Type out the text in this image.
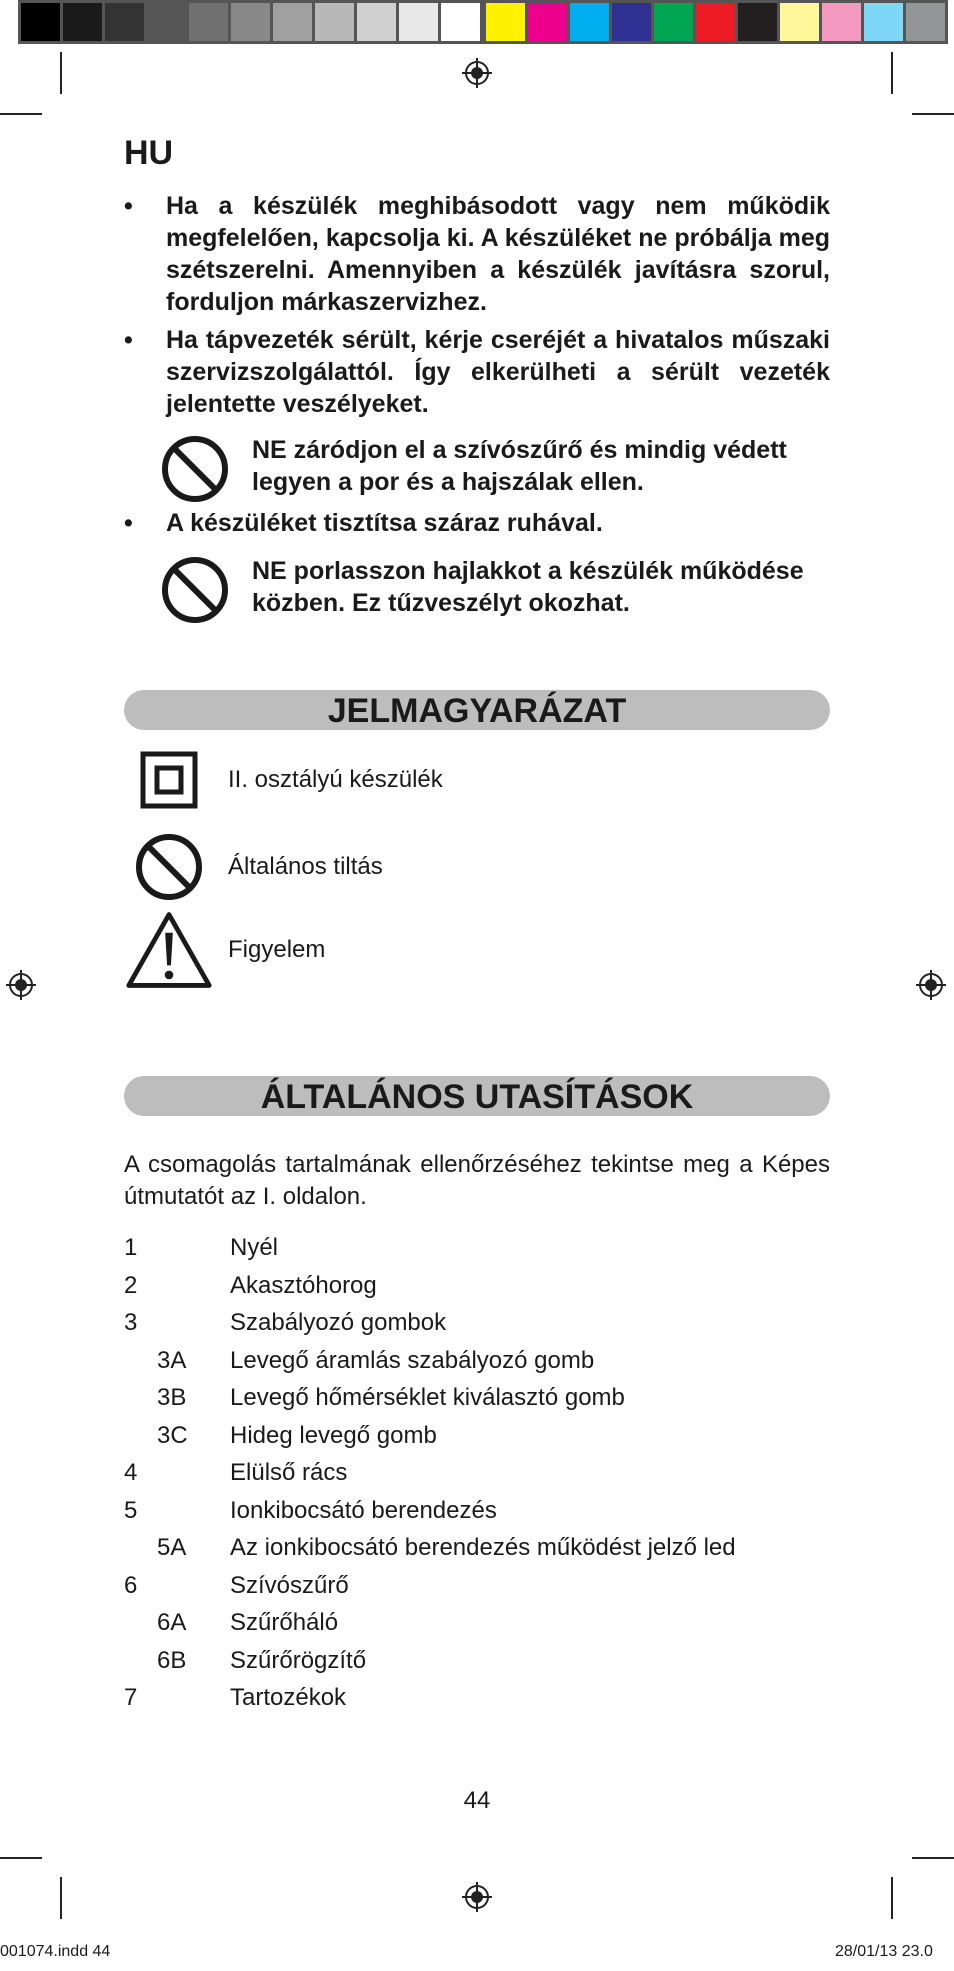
HU
• Ha a készülék meghibásodott vagy nem működik megfelelően, kapcsolja ki. A készüléket ne próbálja meg szétszerelni. Amennyiben a készülék javításra szorul, forduljon márkaszervizhez.
• Ha tápvezeték sérült, kérje cseréjét a hivatalos műszaki szervizszolgálattól. Így elkerülheti a sérült vezeték jelentette veszélyeket.
NE záródjon el a szívószűrő és mindig védett legyen a por és a hajszálak ellen.
• A készüléket tisztítsa száraz ruhával.
NE porlasszon hajlakkot a készülék működése közben. Ez tűzveszélyt okozhat.
JELMAGYARÁZAT
II. osztályú készülék
Általános tiltás
Figyelem
ÁLTALÁNOS UTASÍTÁSOK
A csomagolás tartalmának ellenőrzéséhez tekintse meg a Képes útmutatót az I. oldalon.
1	Nyél
2	Akasztóhorog
3	Szabályozó gombok
3A Levegő áramlás szabályozó gomb
3B Levegő hőmérséklet kiválasztó gomb
3C Hideg levegő gomb
4	Elülső rács
5	Ionkibocsátó berendezés
5A Az ionkibocsátó berendezés működést jelző led
6	Szívószűrő
6A Szűrőháló
6B Szűrőrögzítő
7	Tartozékok
44
001074.indd 44	28/01/13 23.0
